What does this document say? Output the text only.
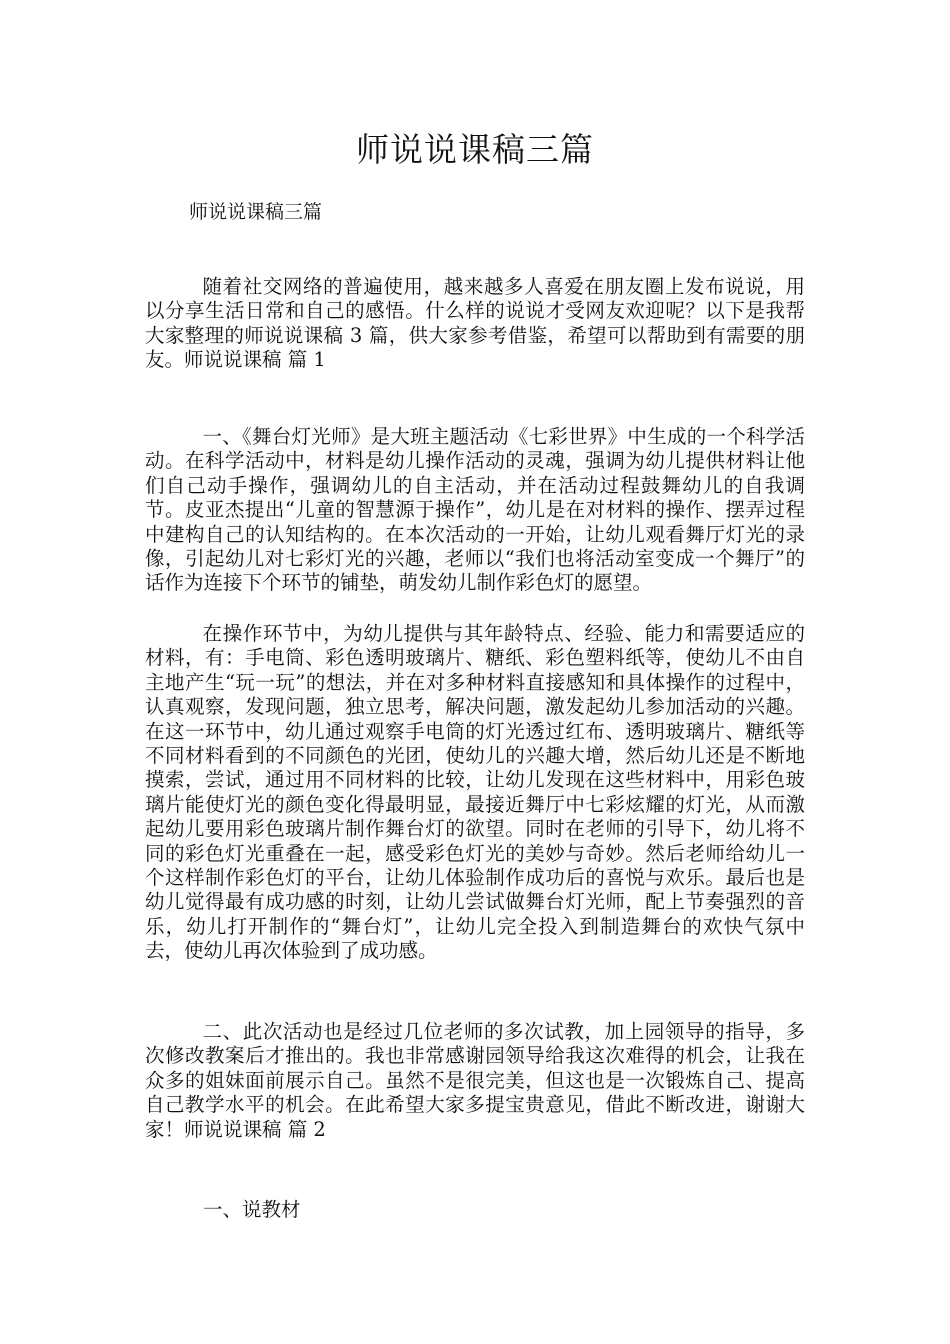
师说说课稿三篇
师说说课稿三篇
随着社交网络的普遍使用，越来越多人喜爱在朋友圈上发布说说，用以分享生活日常和自己的感悟。什么样的说说才受网友欢迎呢？以下是我帮大家整理的师说说课稿 3 篇，供大家参考借鉴，希望可以帮助到有需要的朋友。师说说课稿 篇 1
一、《舞台灯光师》是大班主题活动《七彩世界》中生成的一个科学活动。在科学活动中，材料是幼儿操作活动的灵魂，强调为幼儿提供材料让他们自己动手操作，强调幼儿的自主活动，并在活动过程鼓舞幼儿的自我调节。皮亚杰提出“儿童的智慧源于操作”，幼儿是在对材料的操作、摆弄过程中建构自己的认知结构的。在本次活动的一开始，让幼儿观看舞厅灯光的录像，引起幼儿对七彩灯光的兴趣，老师以“我们也将活动室变成一个舞厅”的话作为连接下个环节的铺垫，萌发幼儿制作彩色灯的愿望。
在操作环节中，为幼儿提供与其年龄特点、经验、能力和需要适应的材料，有：手电筒、彩色透明玻璃片、糖纸、彩色塑料纸等，使幼儿不由自主地产生“玩一玩”的想法，并在对多种材料直接感知和具体操作的过程中，认真观察，发现问题，独立思考，解决问题，激发起幼儿参加活动的兴趣。在这一环节中，幼儿通过观察手电筒的灯光透过红布、透明玻璃片、糖纸等不同材料看到的不同颜色的光团，使幼儿的兴趣大增，然后幼儿还是不断地摸索，尝试，通过用不同材料的比较，让幼儿发现在这些材料中，用彩色玻璃片能使灯光的颜色变化得最明显，最接近舞厅中七彩炫耀的灯光，从而激起幼儿要用彩色玻璃片制作舞台灯的欲望。同时在老师的引导下，幼儿将不同的彩色灯光重叠在一起，感受彩色灯光的美妙与奇妙。然后老师给幼儿一个这样制作彩色灯的平台，让幼儿体验制作成功后的喜悦与欢乐。最后也是幼儿觉得最有成功感的时刻，让幼儿尝试做舞台灯光师，配上节奏强烈的音乐，幼儿打开制作的“舞台灯”，让幼儿完全投入到制造舞台的欢快气氛中去，使幼儿再次体验到了成功感。
二、此次活动也是经过几位老师的多次试教，加上园领导的指导，多次修改教案后才推出的。我也非常感谢园领导给我这次难得的机会，让我在众多的姐妹面前展示自己。虽然不是很完美，但这也是一次锻炼自己、提高自己教学水平的机会。在此希望大家多提宝贵意见，借此不断改进，谢谢大家！师说说课稿 篇 2
一、说教材
